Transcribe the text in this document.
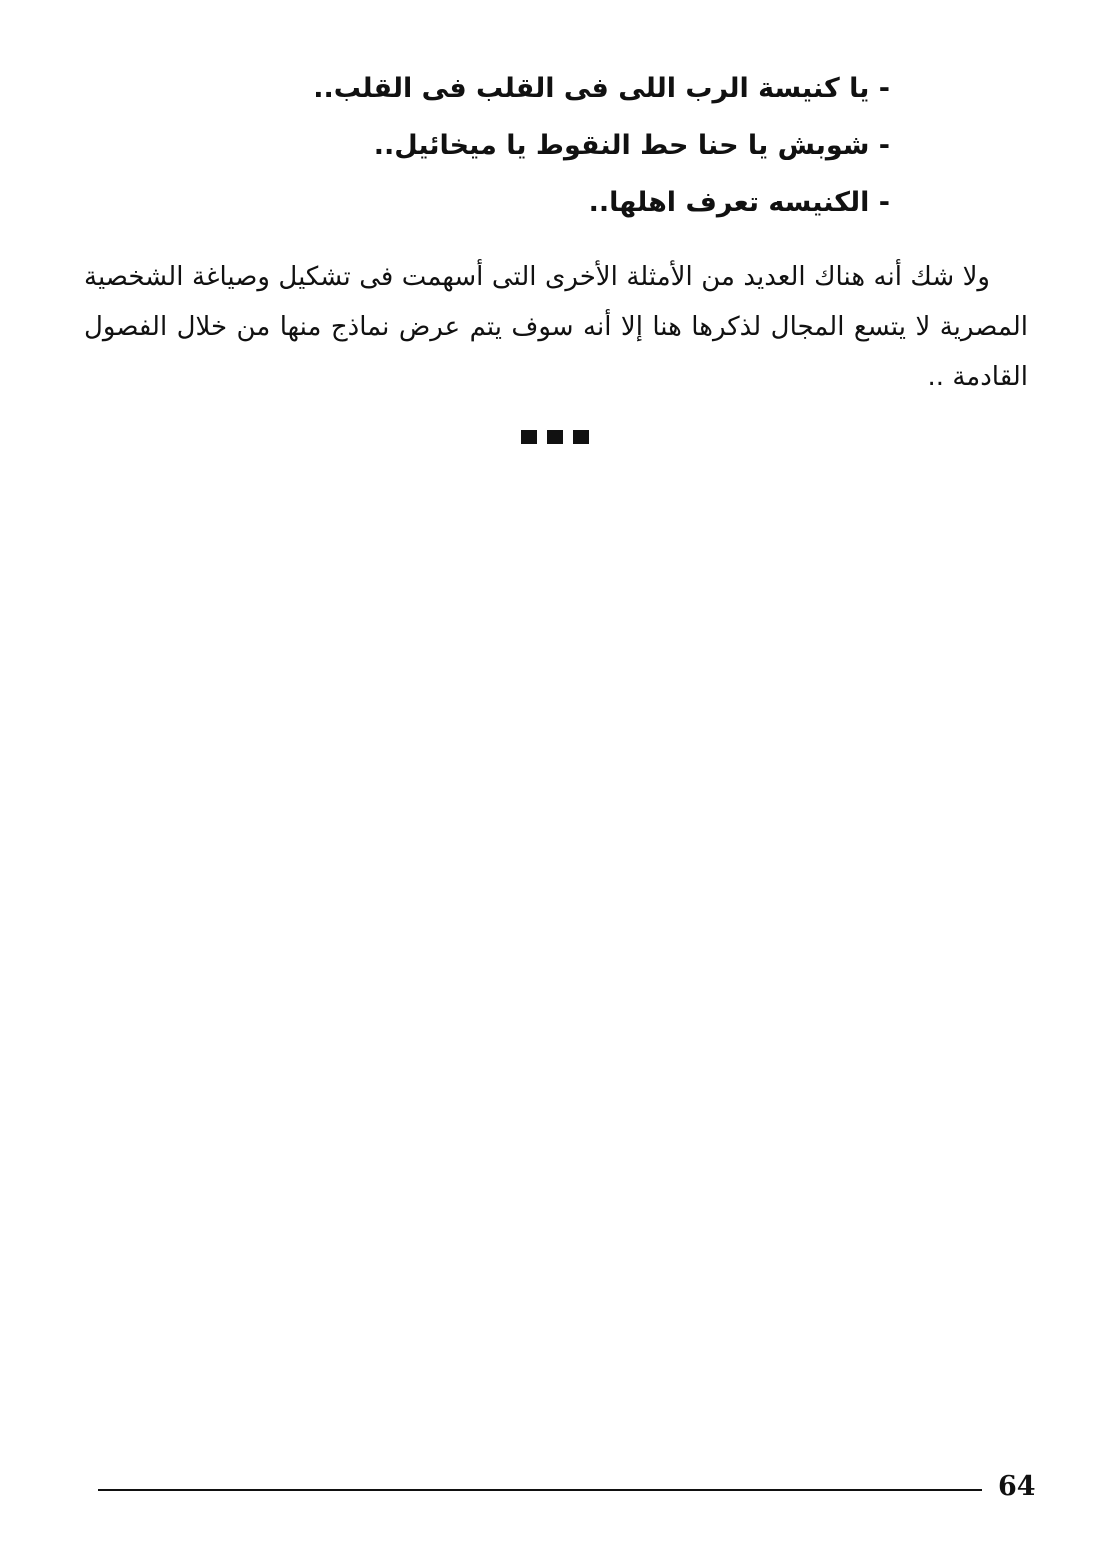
- يا كنيسة الرب اللى فى القلب فى القلب..
- شوبش يا حنا حط النقوط يا ميخائيل..
- الكنيسه تعرف اهلها..

ولا شك أنه هناك العديد من الأمثلة الأخرى التى أسهمت فى تشكيل وصياغة الشخصية المصرية لا يتسع المجال لذكرها هنا إلا أنه سوف يتم عرض نماذج منها من خلال الفصول القادمة ..

64
